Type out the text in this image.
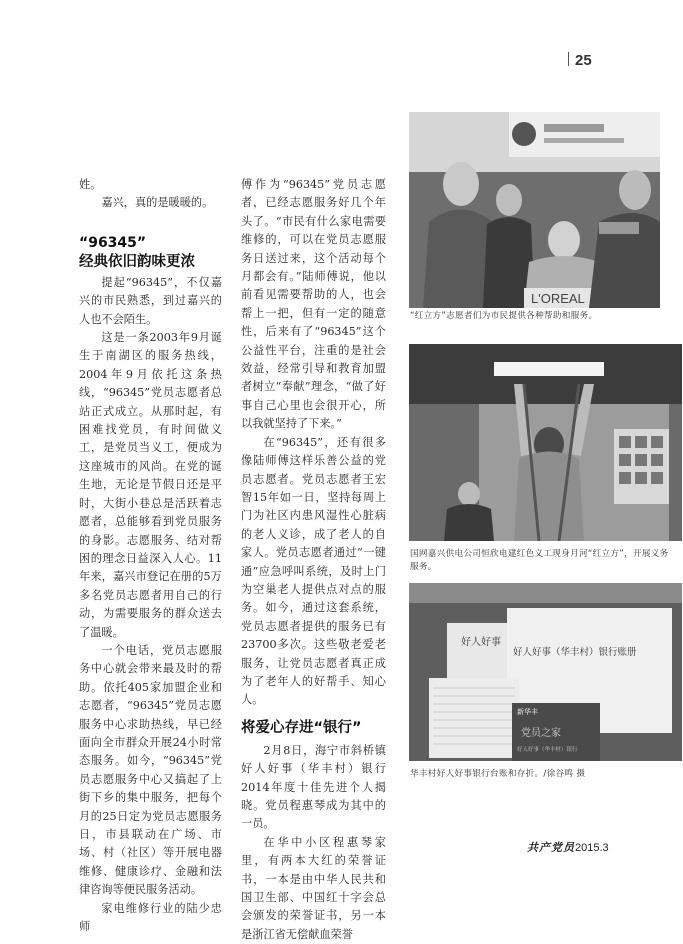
25

姓。

嘉兴，真的是暖暖的。

“96345”
经典依旧韵味更浓

提起“96345”，不仅嘉兴的市民熟悉，到过嘉兴的人也不会陌生。

这是一条2003年9月诞生于南湖区的服务热线，2004年9月依托这条热线，“96345”党员志愿者总站正式成立。从那时起，有困难找党员，有时间做义工，是党员当义工，便成为这座城市的风尚。在党的诞生地，无论是节假日还是平时，大街小巷总是活跃着志愿者，总能够看到党员服务的身影。志愿服务、结对帮困的理念日益深入人心。11年来，嘉兴市登记在册的5万多名党员志愿者用自己的行动，为需要服务的群众送去了温暖。

一个电话，党员志愿服务中心就会带来最及时的帮助。依托405家加盟企业和志愿者，“96345”党员志愿服务中心求助热线，早已经面向全市群众开展24小时常态服务。如今，“96345”党员志愿服务中心又搞起了上街下乡的集中服务，把每个月的25日定为党员志愿服务日，市县联动在广场、市场、村（社区）等开展电器维修、健康诊疗、金融和法律咨询等便民服务活动。

家电维修行业的陆少忠师

傅作为“96345”党员志愿者，已经志愿服务好几个年头了。“市民有什么家电需要维修的，可以在党员志愿服务日送过来，这个活动每个月都会有。”陆师傅说，他以前看见需要帮助的人，也会帮上一把，但有一定的随意性，后来有了“96345”这个公益性平台，注重的是社会效益，经常引导和教育加盟者树立“奉献”理念，“做了好事自己心里也会很开心，所以我就坚持了下来。”

在“96345”，还有很多像陆师傅这样乐善公益的党员志愿者。党员志愿者王宏智15年如一日，坚持每周上门为社区内患风湿性心脏病的老人义诊，成了老人的自家人。党员志愿者通过“一键通”应急呼叫系统，及时上门为空巢老人提供点对点的服务。如今，通过这套系统，党员志愿者提供的服务已有23700多次。这些敬老爱老服务，让党员志愿者真正成为了老年人的好帮手、知心人。

将爱心存进“银行”

2月8日，海宁市斜桥镇好人好事（华丰村）银行2014年度十佳先进个人揭晓。党员程惠琴成为其中的一员。

在华中小区程惠琴家里，有两本大红的荣誉证书，一本是由中华人民共和国卫生部、中国红十字会总会颁发的荣誉证书，另一本是浙江省无偿献血荣誉

L'OREAL
“红立方”志愿者们为市民提供各种帮助和服务。
国网嘉兴供电公司恒欣电建红色义工现身月河“红立方”，开展义务服务。
好人好事
好人好事（华丰村）银行账册
新华丰
党员之家
好人好事（华丰村）银行
华丰村好人好事银行台账和存折。/徐谷鸣 摄
共产党员2015.3
